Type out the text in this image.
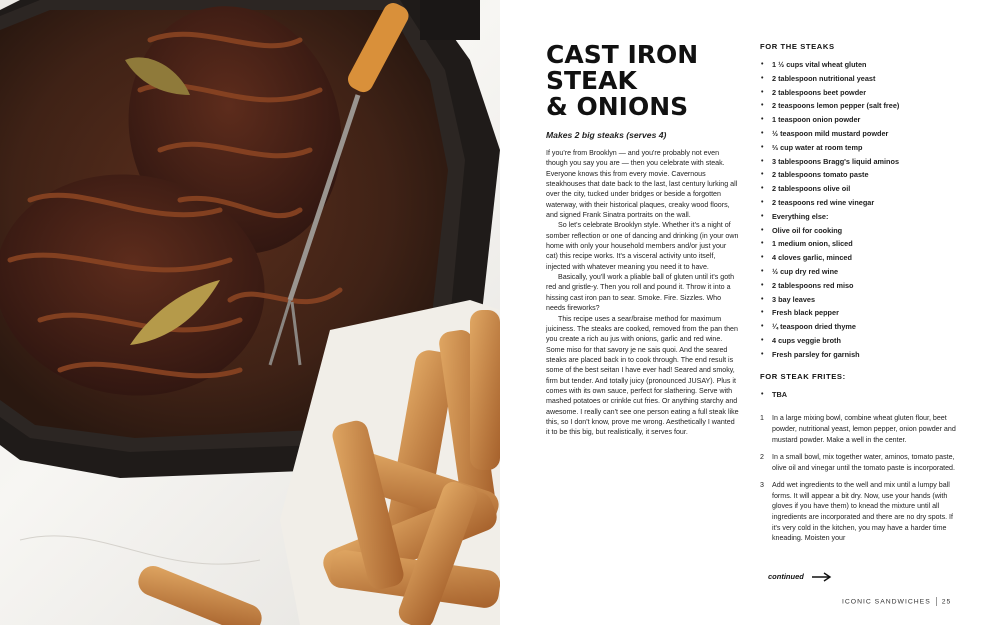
CAST IRON
STEAK
& ONIONS
Makes 2 big steaks (serves 4)

If you're from Brooklyn — and you're probably not even though you say you are — then you celebrate with steak. Everyone knows this from every movie. Cavernous steakhouses that date back to the last, last century lurking all over the city, tucked under bridges or beside a forgotten waterway, with their historical plaques, creaky wood floors, and signed Frank Sinatra portraits on the wall.

So let's celebrate Brooklyn style. Whether it's a night of somber reflection or one of dancing and drinking (in your own home with only your household members and/or just your cat) this recipe works. It's a visceral activity unto itself, injected with whatever meaning you need it to have.

Basically, you'll work a pliable ball of gluten until it's goth red and gristle-y. Then you roll and pound it. Throw it into a hissing cast iron pan to sear. Smoke. Fire. Sizzles. Who needs fireworks?

This recipe uses a sear/braise method for maximum juiciness. The steaks are cooked, removed from the pan then you create a rich au jus with onions, garlic and red wine. Some miso for that savory je ne sais quoi. And the seared steaks are placed back in to cook through. The end result is some of the best seitan I have ever had! Seared and smoky, firm but tender. And totally juicy (pronounced JUSAY). Plus it comes with its own sauce, perfect for slathering. Serve with mashed potatoes or crinkle cut fries. Or anything starchy and awesome. I really can't see one person eating a full steak like this, so I don't know, prove me wrong. Aesthetically I wanted it to be this big, but realistically, it serves four.

FOR THE STEAKS
• 1 ½ cups vital wheat gluten
• 2 tablespoon nutritional yeast
• 2 tablespoons beet powder
• 2 teaspoons lemon pepper (salt free)
• 1 teaspoon onion powder
• ½ teaspoon mild mustard powder
• ⅔ cup water at room temp
• 3 tablespoons Bragg's liquid aminos
• 2 tablespoons tomato paste
• 2 tablespoons olive oil
• 2 teaspoons red wine vinegar
• Everything else:
• Olive oil for cooking
• 1 medium onion, sliced
• 4 cloves garlic, minced
• ½ cup dry red wine
• 2 tablespoons red miso
• 3 bay leaves
• Fresh black pepper
• ¼ teaspoon dried thyme
• 4 cups veggie broth
• Fresh parsley for garnish
FOR STEAK FRITES:
• TBA
1 In a large mixing bowl, combine wheat gluten flour, beet powder, nutritional yeast, lemon pepper, onion powder and mustard powder. Make a well in the center.
2 In a small bowl, mix together water, aminos, tomato paste, olive oil and vinegar until the tomato paste is incorporated.
3 Add wet ingredients to the well and mix until a lumpy ball forms. It will appear a bit dry. Now, use your hands (with gloves if you have them) to knead the mixture until all ingredients are incorporated and there are no dry spots. If it's very cold in the kitchen, you may have a harder time kneading. Moisten your
continued
ICONIC SANDWICHES 25
